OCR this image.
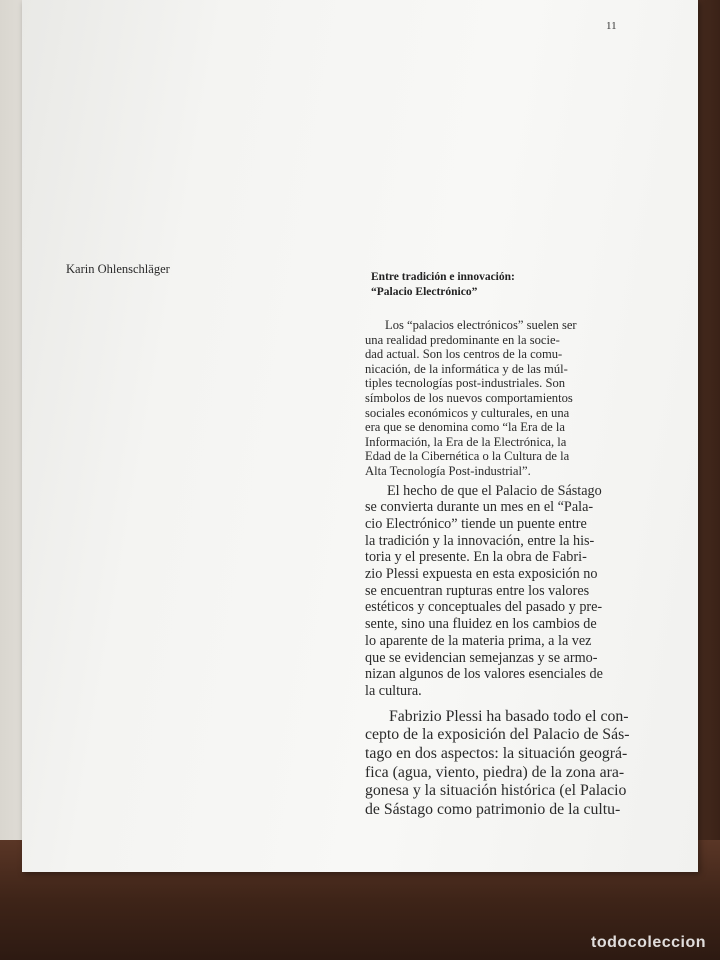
11
Karin Ohlenschläger
Entre tradición e innovación:
“Palacio Electrónico”
Los “palacios electrónicos” suelen ser
una realidad predominante en la socie-
dad actual. Son los centros de la comu-
nicación, de la informática y de las múl-
tiples tecnologías post-industriales. Son
símbolos de los nuevos comportamientos
sociales económicos y culturales, en una
era que se denomina como “la Era de la
Información, la Era de la Electrónica, la
Edad de la Cibernética o la Cultura de la
Alta Tecnología Post-industrial”.
El hecho de que el Palacio de Sástago
se convierta durante un mes en el “Pala-
cio Electrónico” tiende un puente entre
la tradición y la innovación, entre la his-
toria y el presente. En la obra de Fabri-
zio Plessi expuesta en esta exposición no
se encuentran rupturas entre los valores
estéticos y conceptuales del pasado y pre-
sente, sino una fluidez en los cambios de
lo aparente de la materia prima, a la vez
que se evidencian semejanzas y se armo-
nizan algunos de los valores esenciales de
la cultura.
Fabrizio Plessi ha basado todo el con-
cepto de la exposición del Palacio de Sás-
tago en dos aspectos: la situación geográ-
fica (agua, viento, piedra) de la zona ara-
gonesa y la situación histórica (el Palacio
de Sástago como patrimonio de la cultu-
todocoleccion
